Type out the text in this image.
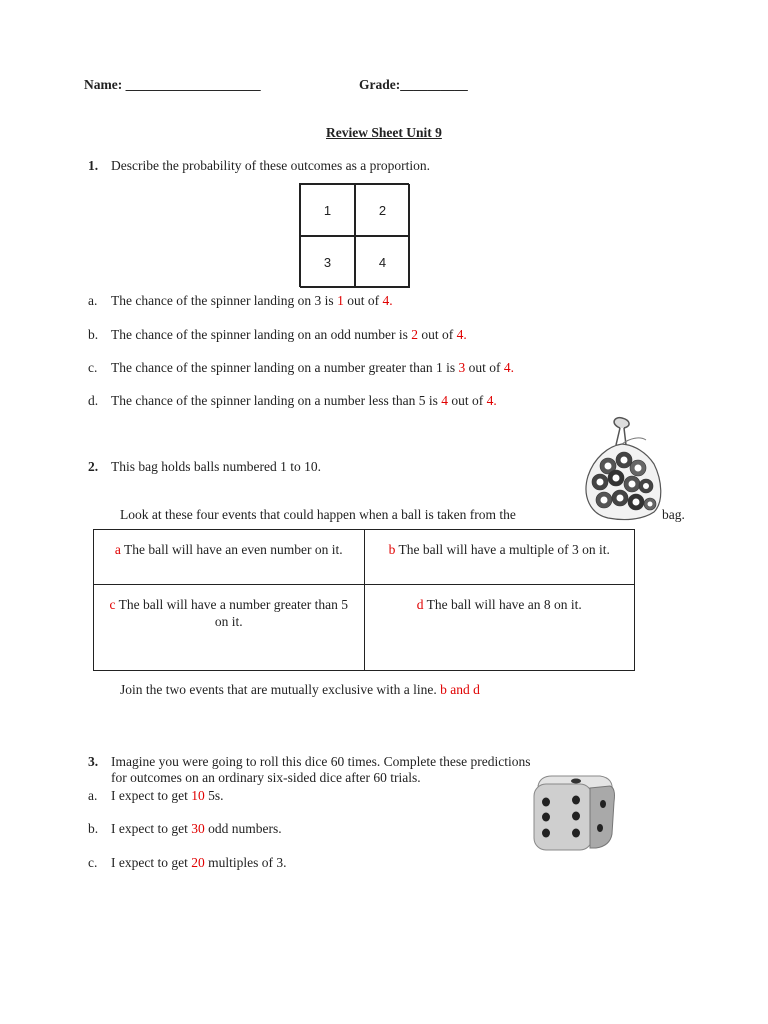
Name: ____________________	Grade:__________
Review Sheet Unit 9
1. Describe the probability of these outcomes as a proportion.
1	2
3	4
a. The chance of the spinner landing on 3 is 1 out of 4.
b. The chance of the spinner landing on an odd number is 2 out of 4.
c. The chance of the spinner landing on a number greater than 1 is 3 out of 4.
d. The chance of the spinner landing on a number less than 5 is 4 out of 4.
2. This bag holds balls numbered 1 to 10.
Look at these four events that could happen when a ball is taken from the	bag.
a The ball will have an even number on it.	b The ball will have a multiple of 3 on it.
c The ball will have a number greater than 5 on it.	d The ball will have an 8 on it.
Join the two events that are mutually exclusive with a line. b and d
3. Imagine you were going to roll this dice 60 times. Complete these predictions
for outcomes on an ordinary six-sided dice after 60 trials.
a. I expect to get 10 5s.
b. I expect to get 30 odd numbers.
c. I expect to get 20 multiples of 3.
